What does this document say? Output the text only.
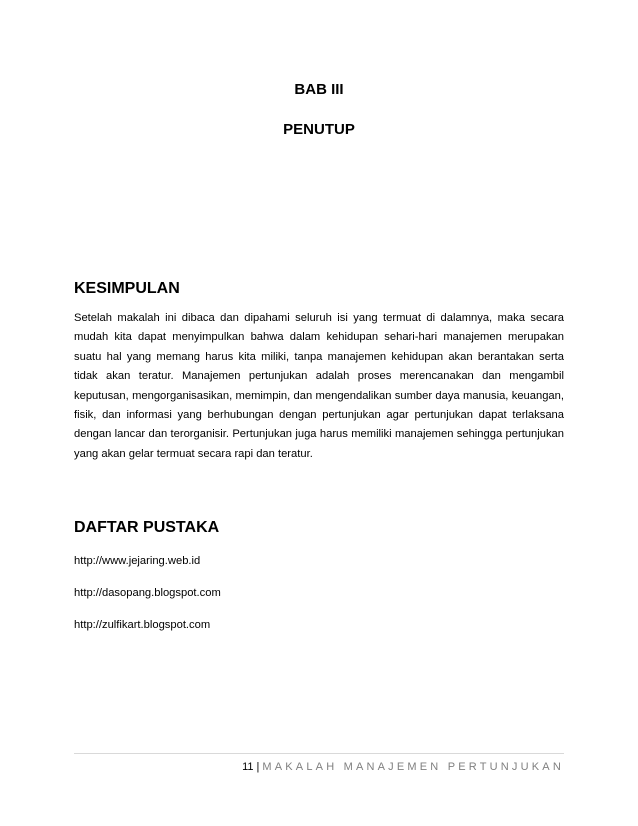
BAB III
PENUTUP
KESIMPULAN

Setelah makalah ini dibaca dan dipahami seluruh isi yang termuat di dalamnya, maka secara mudah kita dapat menyimpulkan bahwa dalam kehidupan sehari-hari manajemen merupakan suatu hal yang memang harus kita miliki, tanpa manajemen kehidupan akan berantakan serta tidak akan teratur. Manajemen pertunjukan adalah proses merencanakan dan mengambil keputusan, mengorganisasikan, memimpin, dan mengendalikan sumber daya manusia, keuangan, fisik, dan informasi yang berhubungan dengan pertunjukan agar pertunjukan dapat terlaksana dengan lancar dan terorganisir. Pertunjukan juga harus memiliki manajemen sehingga pertunjukan yang akan gelar termuat secara rapi dan teratur.

DAFTAR PUSTAKA
http://www.jejaring.web.id
http://dasopang.blogspot.com
http://zulfikart.blogspot.com
11 | MAKALAH MANAJEMEN PERTUNJUKAN
